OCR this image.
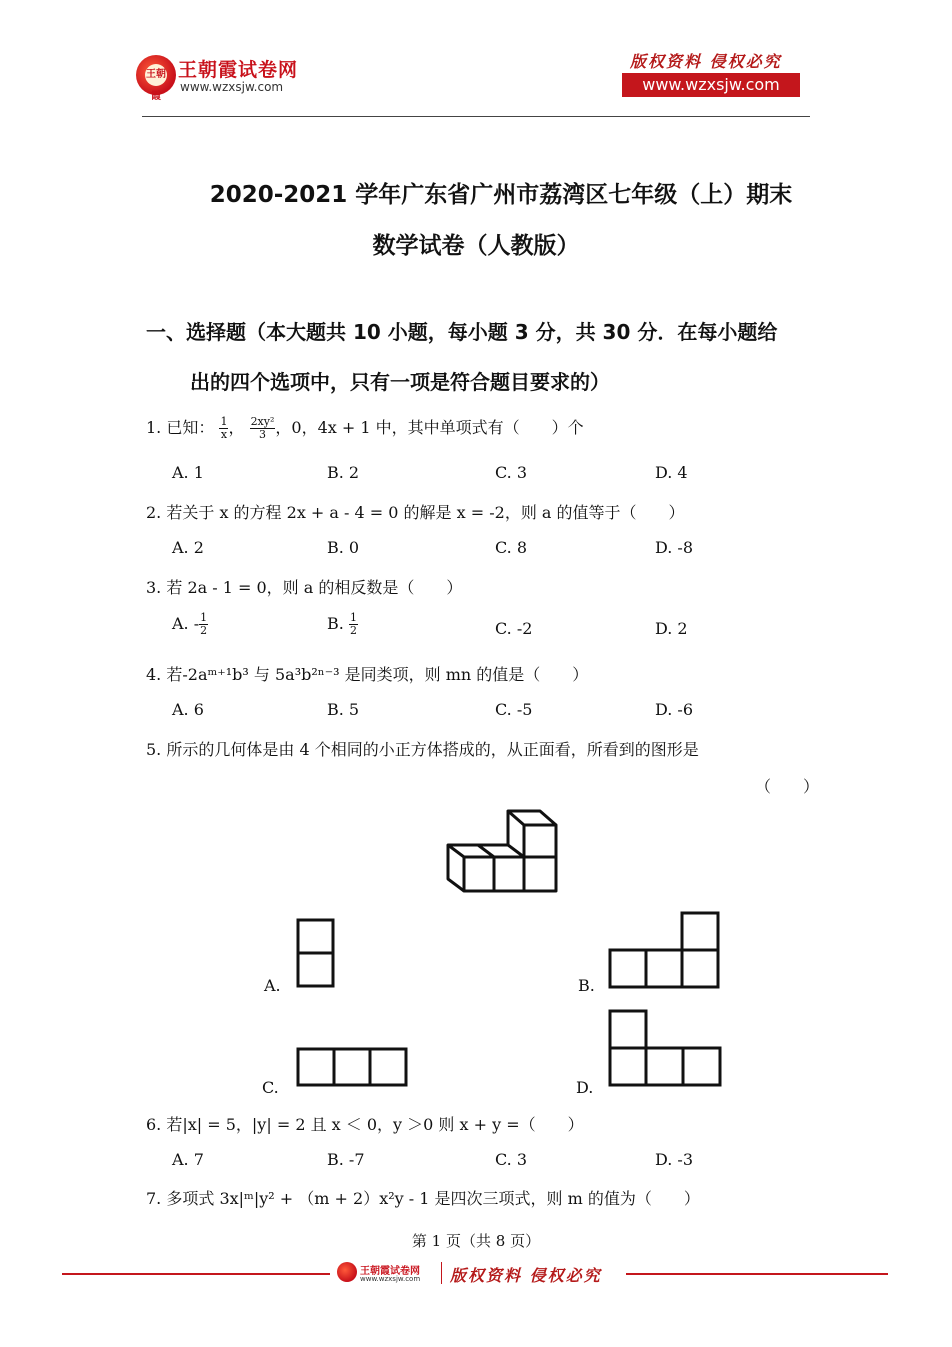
王朝霞
王朝霞试卷网
www.wzxsjw.com
版权资料 侵权必究
www.wzxsjw.com
2020-2021 学年广东省广州市荔湾区七年级（上）期末
数学试卷（人教版）
一、选择题（本大题共 10 小题，每小题 3 分，共 30 分．在每小题给
出的四个选项中，只有一项是符合题目要求的）
1. 已知： $\frac{1}{x}$ ， $\frac{\text{2xy²}}{3}$ ，0，4x + 1 中，其中单项式有（　　）个
A. 1	B. 2	C. 3	D. 4
2. 若关于 x 的方程 2x + a - 4 = 0 的解是 x = -2，则 a 的值等于（　　）
A. 2	B. 0	C. 8	D. -8
3. 若 2a - 1 = 0，则 a 的相反数是（　　）
A. - $\frac{1}{2}$	B. $\frac{1}{2}$	C. -2	D. 2
4. 若-2aᵐ⁺¹b³ 与 5a³b²ⁿ⁻³ 是同类项，则 mn 的值是（　　）
A. 6	B. 5	C. -5	D. -6
5. 所示的几何体是由 4 个相同的小正方体搭成的，从正面看，所看到的图形是
（　　）
A.	B.
C.	D.
6. 若|x| = 5，|y| = 2 且 x ＜ 0，y ＞0 则 x + y =（　　）
A. 7	B. -7	C. 3	D. -3
7. 多项式 3x|ᵐ|y² + （m + 2）x²y - 1 是四次三项式，则 m 的值为（　　）
第 1 页（共 8 页）
王朝霞试卷网
www.wzxsjw.com 版权资料 侵权必究
